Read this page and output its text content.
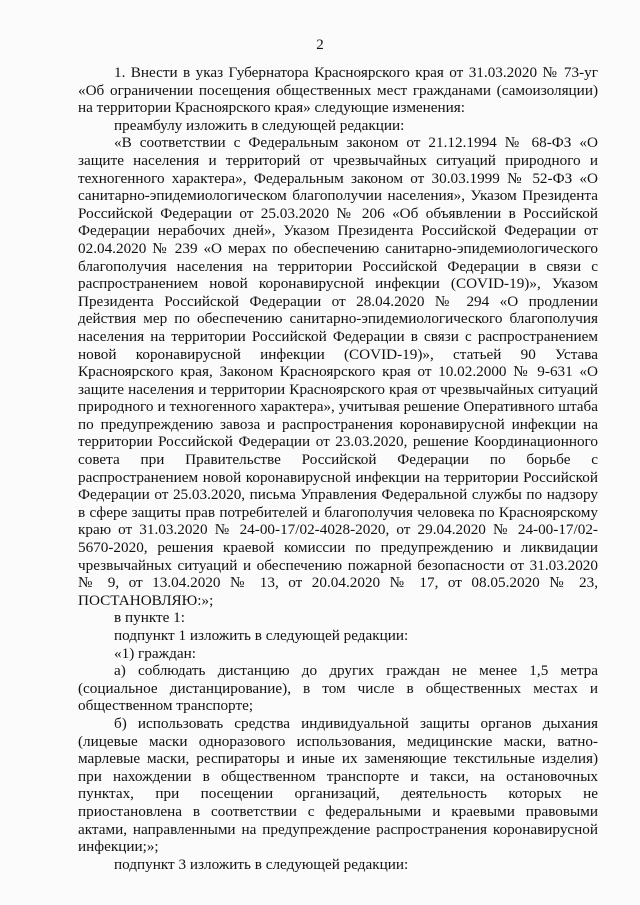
2

1. Внести в указ Губернатора Красноярского края от 31.03.2020 № 73-уг «Об ограничении посещения общественных мест гражданами (самоизоляции) на территории Красноярского края» следующие изменения:

преамбулу изложить в следующей редакции:

«В соответствии с Федеральным законом от 21.12.1994 № 68-ФЗ «О защите населения и территорий от чрезвычайных ситуаций природного и техногенного характера», Федеральным законом от 30.03.1999 № 52-ФЗ «О санитарно-эпидемиологическом благополучии населения», Указом Президента Российской Федерации от 25.03.2020 № 206 «Об объявлении в Российской Федерации нерабочих дней», Указом Президента Российской Федерации от 02.04.2020 № 239 «О мерах по обеспечению санитарно-эпидемиологического благополучия населения на территории Российской Федерации в связи с распространением новой коронавирусной инфекции (COVID-19)», Указом Президента Российской Федерации от 28.04.2020 № 294 «О продлении действия мер по обеспечению санитарно-эпидемиологического благополучия населения на территории Российской Федерации в связи с распространением новой коронавирусной инфекции (COVID-19)», статьей 90 Устава Красноярского края, Законом Красноярского края от 10.02.2000 № 9-631 «О защите населения и территории Красноярского края от чрезвычайных ситуаций природного и техногенного характера», учитывая решение Оперативного штаба по предупреждению завоза и распространения коронавирусной инфекции на территории Российской Федерации от 23.03.2020, решение Координационного совета при Правительстве Российской Федерации по борьбе с распространением новой коронавирусной инфекции на территории Российской Федерации от 25.03.2020, письма Управления Федеральной службы по надзору в сфере защиты прав потребителей и благополучия человека по Красноярскому краю от 31.03.2020 № 24-00-17/02-4028-2020, от 29.04.2020 № 24-00-17/02-5670-2020, решения краевой комиссии по предупреждению и ликвидации чрезвычайных ситуаций и обеспечению пожарной безопасности от 31.03.2020 № 9, от 13.04.2020 № 13, от 20.04.2020 № 17, от 08.05.2020 № 23, ПОСТАНОВЛЯЮ:»;

в пункте 1:

подпункт 1 изложить в следующей редакции:

«1) граждан:

а) соблюдать дистанцию до других граждан не менее 1,5 метра (социальное дистанцирование), в том числе в общественных местах и общественном транспорте;

б) использовать средства индивидуальной защиты органов дыхания (лицевые маски одноразового использования, медицинские маски, ватно-марлевые маски, респираторы и иные их заменяющие текстильные изделия) при нахождении в общественном транспорте и такси, на остановочных пунктах, при посещении организаций, деятельность которых не приостановлена в соответствии с федеральными и краевыми правовыми актами, направленными на предупреждение распространения коронавирусной инфекции;»;

подпункт 3 изложить в следующей редакции:
